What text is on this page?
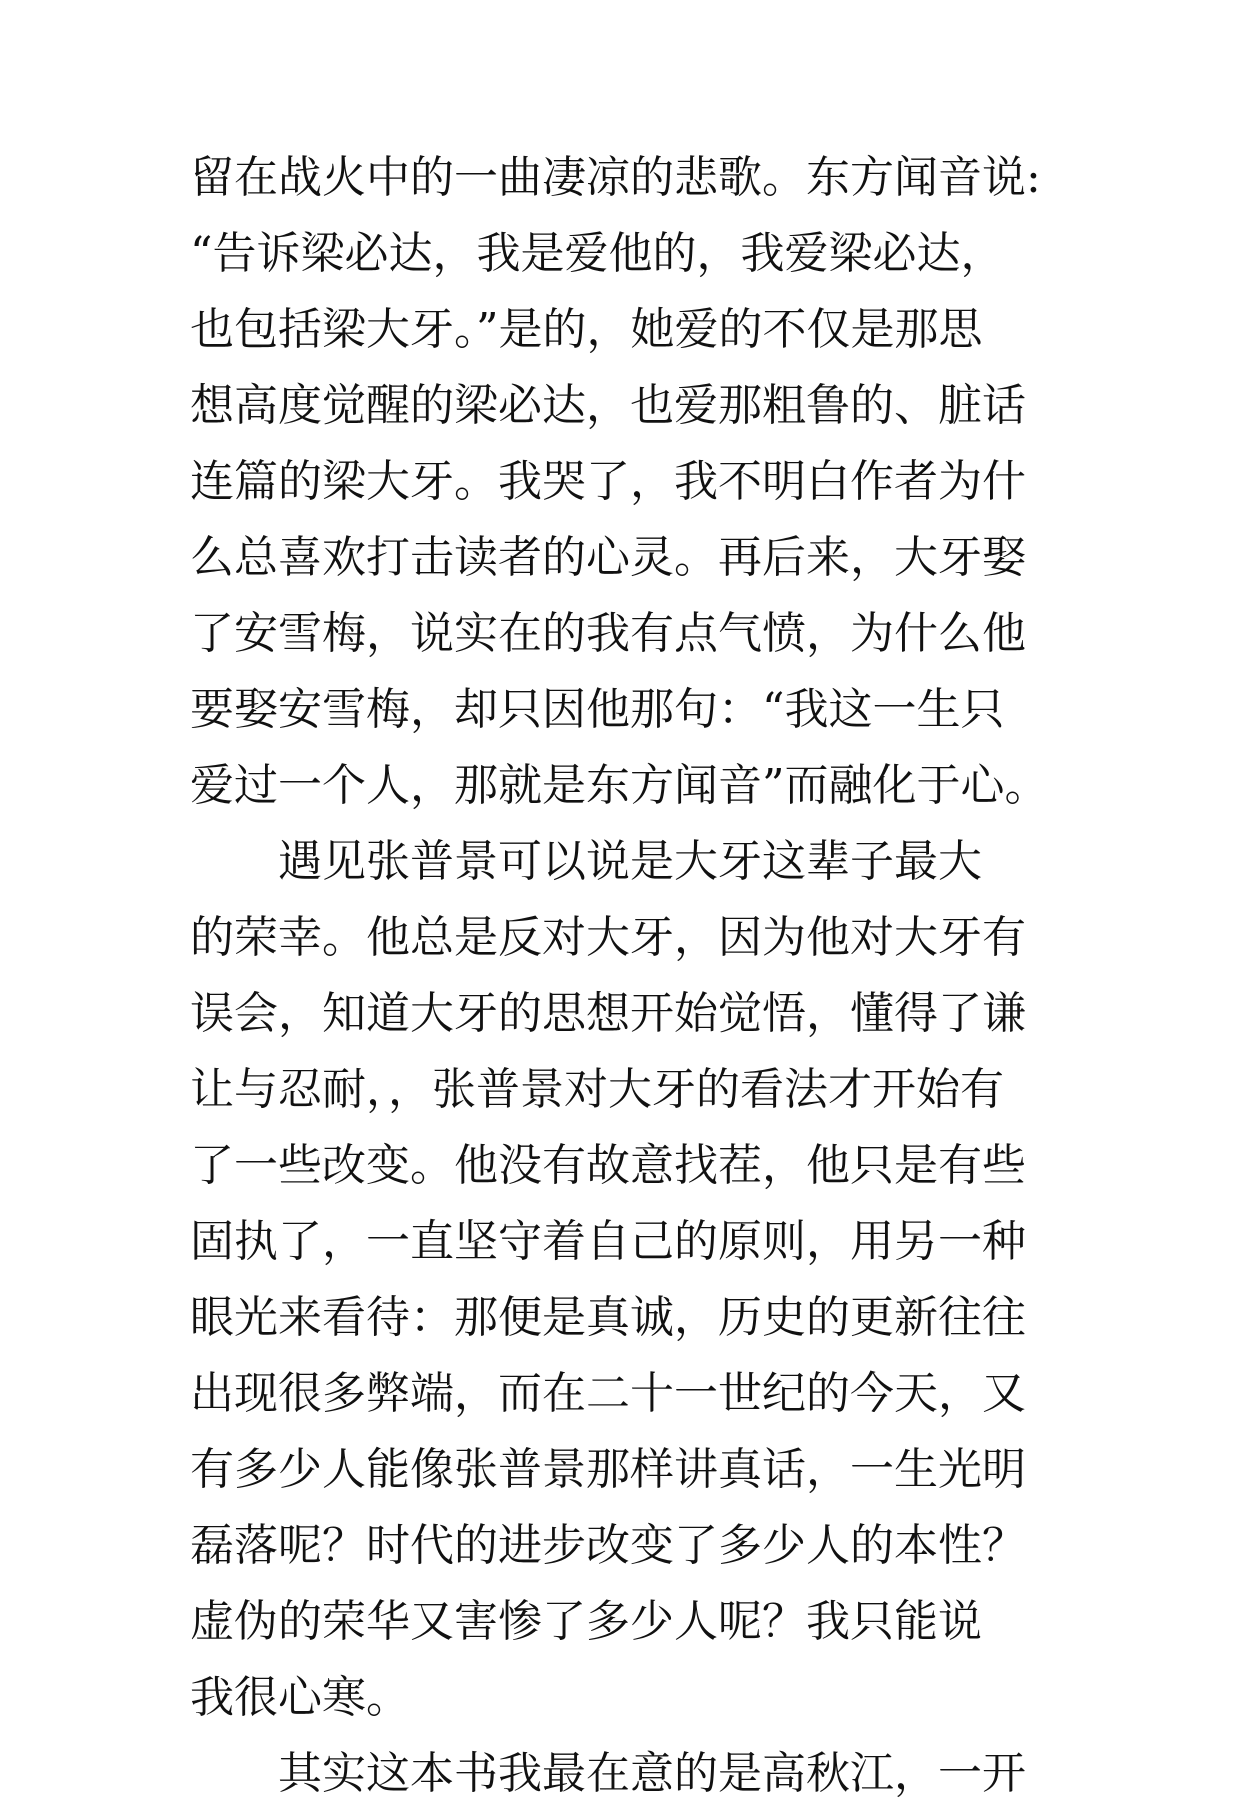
留在战火中的一曲凄凉的悲歌。东方闻音说:
“告诉梁必达，我是爱他的，我爱梁必达，
也包括梁大牙。”是的，她爱的不仅是那思
想高度觉醒的梁必达，也爱那粗鲁的、脏话
连篇的梁大牙。我哭了，我不明白作者为什
么总喜欢打击读者的心灵。再后来，大牙娶
了安雪梅，说实在的我有点气愤，为什么他
要娶安雪梅，却只因他那句：“我这一生只
爱过一个人，那就是东方闻音”而融化于心。
遇见张普景可以说是大牙这辈子最大
的荣幸。他总是反对大牙，因为他对大牙有
误会，知道大牙的思想开始觉悟，懂得了谦
让与忍耐，，张普景对大牙的看法才开始有
了一些改变。他没有故意找茬，他只是有些
固执了，一直坚守着自己的原则，用另一种
眼光来看待：那便是真诚，历史的更新往往
出现很多弊端，而在二十一世纪的今天，又
有多少人能像张普景那样讲真话，一生光明
磊落呢？时代的进步改变了多少人的本性？
虚伪的荣华又害惨了多少人呢？我只能说
我很心寒。
其实这本书我最在意的是高秋江，一开
